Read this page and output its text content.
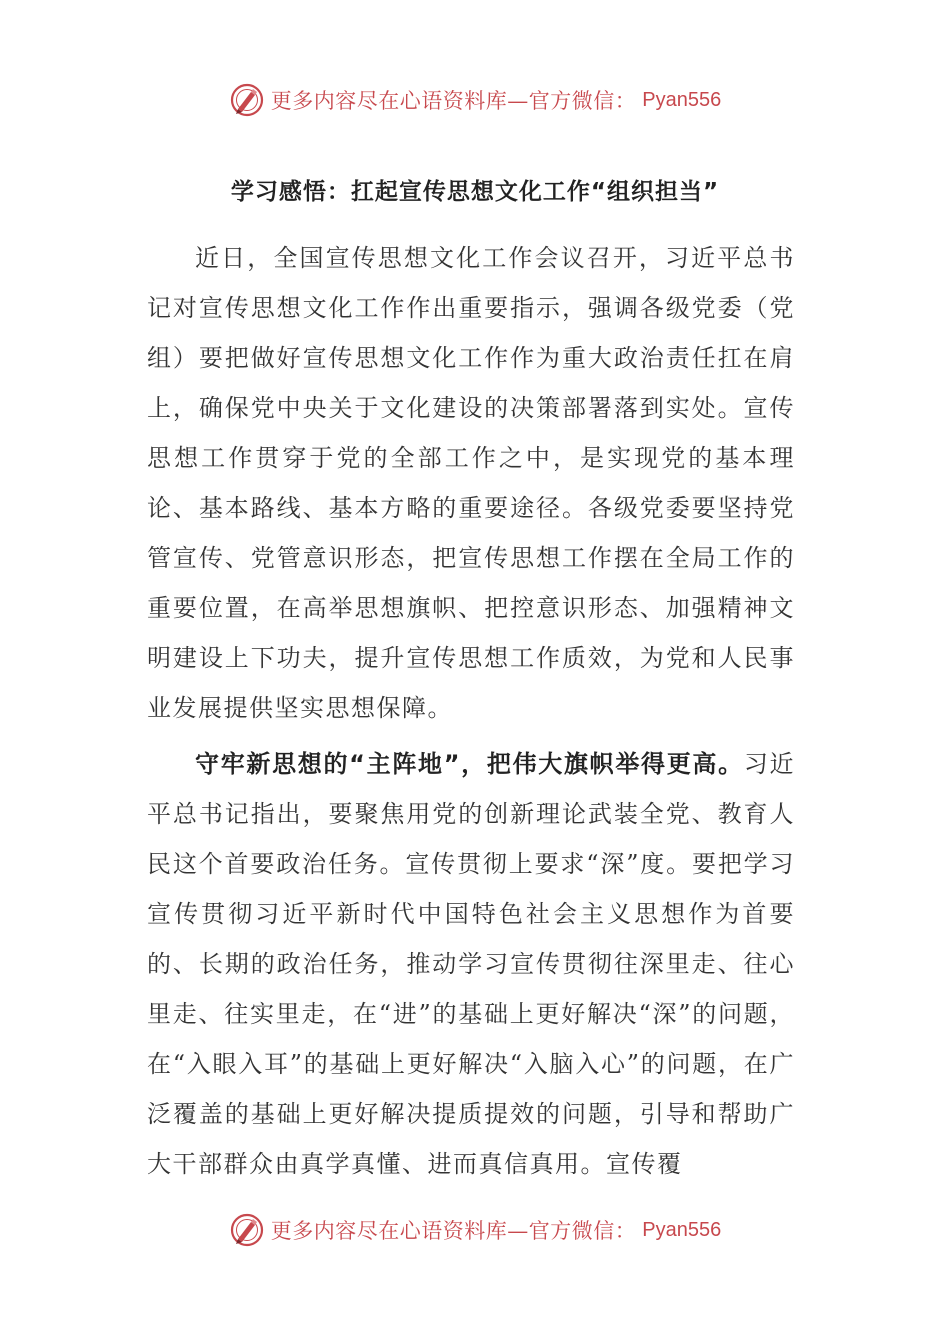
更多内容尽在心语资料库—官方微信： Pyan556
学习感悟：扛起宣传思想文化工作“组织担当”

近日，全国宣传思想文化工作会议召开，习近平总书记对宣传思想文化工作作出重要指示，强调各级党委（党组）要把做好宣传思想文化工作作为重大政治责任扛在肩上，确保党中央关于文化建设的决策部署落到实处。宣传思想工作贯穿于党的全部工作之中，是实现党的基本理论、基本路线、基本方略的重要途径。各级党委要坚持党管宣传、党管意识形态，把宣传思想工作摆在全局工作的重要位置，在高举思想旗帜、把控意识形态、加强精神文明建设上下功夫，提升宣传思想工作质效，为党和人民事业发展提供坚实思想保障。

守牢新思想的“主阵地”，把伟大旗帜举得更高。习近平总书记指出，要聚焦用党的创新理论武装全党、教育人民这个首要政治任务。宣传贯彻上要求“深”度。要把学习宣传贯彻习近平新时代中国特色社会主义思想作为首要的、长期的政治任务，推动学习宣传贯彻往深里走、往心里走、往实里走，在“进”的基础上更好解决“深”的问题，在“入眼入耳”的基础上更好解决“入脑入心”的问题，在广泛覆盖的基础上更好解决提质提效的问题，引导和帮助广大干部群众由真学真懂、进而真信真用。宣传覆

更多内容尽在心语资料库—官方微信： Pyan556
